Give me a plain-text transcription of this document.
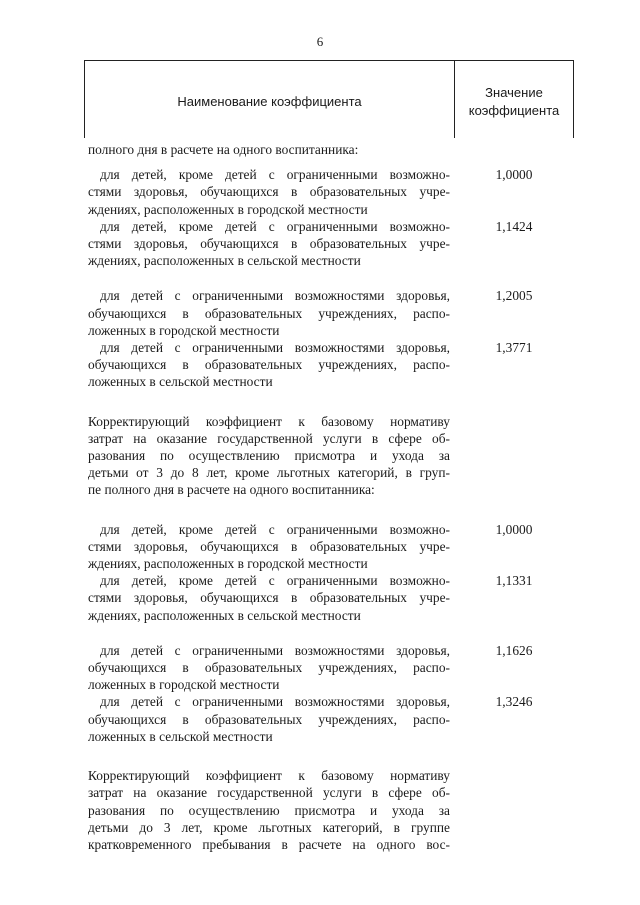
6
Наименование коэффициента
Значение
коэффициента
полного дня в расчете на одного воспитанника:
для детей, кроме детей с ограниченными возможно-
стями здоровья, обучающихся в образовательных учре-
ждениях, расположенных в городской местности
1,0000
для детей, кроме детей с ограниченными возможно-
стями здоровья, обучающихся в образовательных учре-
ждениях, расположенных в сельской местности
1,1424
для детей с ограниченными возможностями здоровья,
обучающихся в образовательных учреждениях, распо-
ложенных в городской местности
1,2005
для детей с ограниченными возможностями здоровья,
обучающихся в образовательных учреждениях, распо-
ложенных в сельской местности
1,3771
Корректирующий коэффициент к базовому нормативу
затрат на оказание государственной услуги в сфере об-
разования по осуществлению присмотра и ухода за
детьми от 3 до 8 лет, кроме льготных категорий, в груп-
пе полного дня в расчете на одного воспитанника:
для детей, кроме детей с ограниченными возможно-
стями здоровья, обучающихся в образовательных учре-
ждениях, расположенных в городской местности
1,0000
для детей, кроме детей с ограниченными возможно-
стями здоровья, обучающихся в образовательных учре-
ждениях, расположенных в сельской местности
1,1331
для детей с ограниченными возможностями здоровья,
обучающихся в образовательных учреждениях, распо-
ложенных в городской местности
1,1626
для детей с ограниченными возможностями здоровья,
обучающихся в образовательных учреждениях, распо-
ложенных в сельской местности
1,3246
Корректирующий коэффициент к базовому нормативу
затрат на оказание государственной услуги в сфере об-
разования по осуществлению присмотра и ухода за
детьми до 3 лет, кроме льготных категорий, в группе
кратковременного пребывания в расчете на одного вос-
